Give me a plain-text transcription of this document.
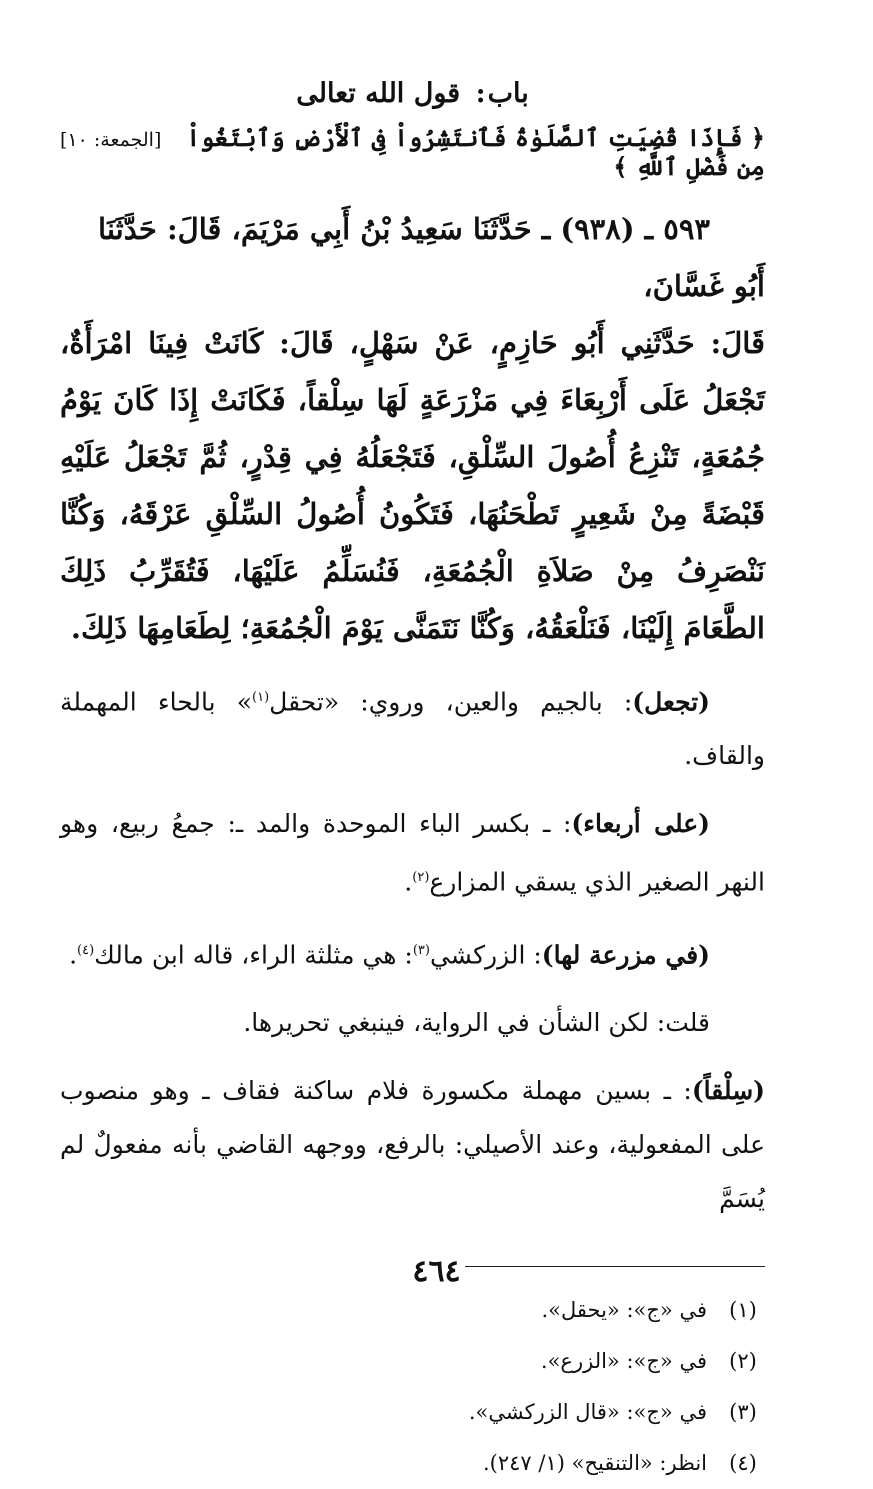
باب: قول الله تعالى
﴿ فَإِذَا قُضِيَتِ ٱلصَّلَوٰةُ فَٱنتَشِرُواْ فِى ٱلْأَرْضِ وَٱبْتَغُواْ مِن فَضْلِ ٱللَّهِ ﴾
[الجمعة: ١٠]

٥٩٣ ـ (٩٣٨) ـ حَدَّثَنَا سَعِيدُ بْنُ أَبِي مَرْيَمَ، قَالَ: حَدَّثَنَا أَبُو غَسَّانَ،
قَالَ: حَدَّثَنِي أَبُو حَازِمٍ، عَنْ سَهْلٍ، قَالَ: كَانَتْ فِينَا امْرَأَةٌ، تَجْعَلُ عَلَى أَرْبِعَاءَ فِي مَزْرَعَةٍ لَهَا سِلْقاً، فَكَانَتْ إِذَا كَانَ يَوْمُ جُمُعَةٍ، تَنْزِعُ أُصُولَ السِّلْقِ، فَتَجْعَلُهُ فِي قِدْرٍ، ثُمَّ تَجْعَلُ عَلَيْهِ قَبْضَةً مِنْ شَعِيرٍ تَطْحَنُهَا، فَتَكُونُ أُصُولُ السِّلْقِ عَرْقَهُ، وَكُنَّا نَنْصَرِفُ مِنْ صَلاَةِ الْجُمُعَةِ، فَنُسَلِّمُ عَلَيْهَا، فَتُقَرِّبُ ذَلِكَ الطَّعَامَ إِلَيْنَا، فَنَلْعَقُهُ، وَكُنَّا نَتَمَنَّى يَوْمَ الْجُمُعَةِ؛ لِطَعَامِهَا ذَلِكَ.

(تجعل): بالجيم والعين، وروي: «تحقل$^{(١)}$» بالحاء المهملة والقاف.

(على أربعاء): ـ بكسر الباء الموحدة والمد ـ: جمعُ ربيع، وهو النهر الصغير الذي يسقي المزارع$^{(٢)}$.

(في مزرعة لها): الزركشي$^{(٣)}$: هي مثلثة الراء، قاله ابن مالك$^{(٤)}$.

قلت: لكن الشأن في الرواية، فينبغي تحريرها.

(سِلْقاً): ـ بسين مهملة مكسورة فلام ساكنة فقاف ـ وهو منصوب على المفعولية، وعند الأصيلي: بالرفع، ووجهه القاضي بأنه مفعولٌ لم يُسَمَّ

(١)
في «ج»: «يحقل».
(٢)
في «ج»: «الزرع».
(٣)
في «ج»: «قال الزركشي».
(٤)
انظر: «التنقيح» (١/ ٢٤٧).
٤٦٤
